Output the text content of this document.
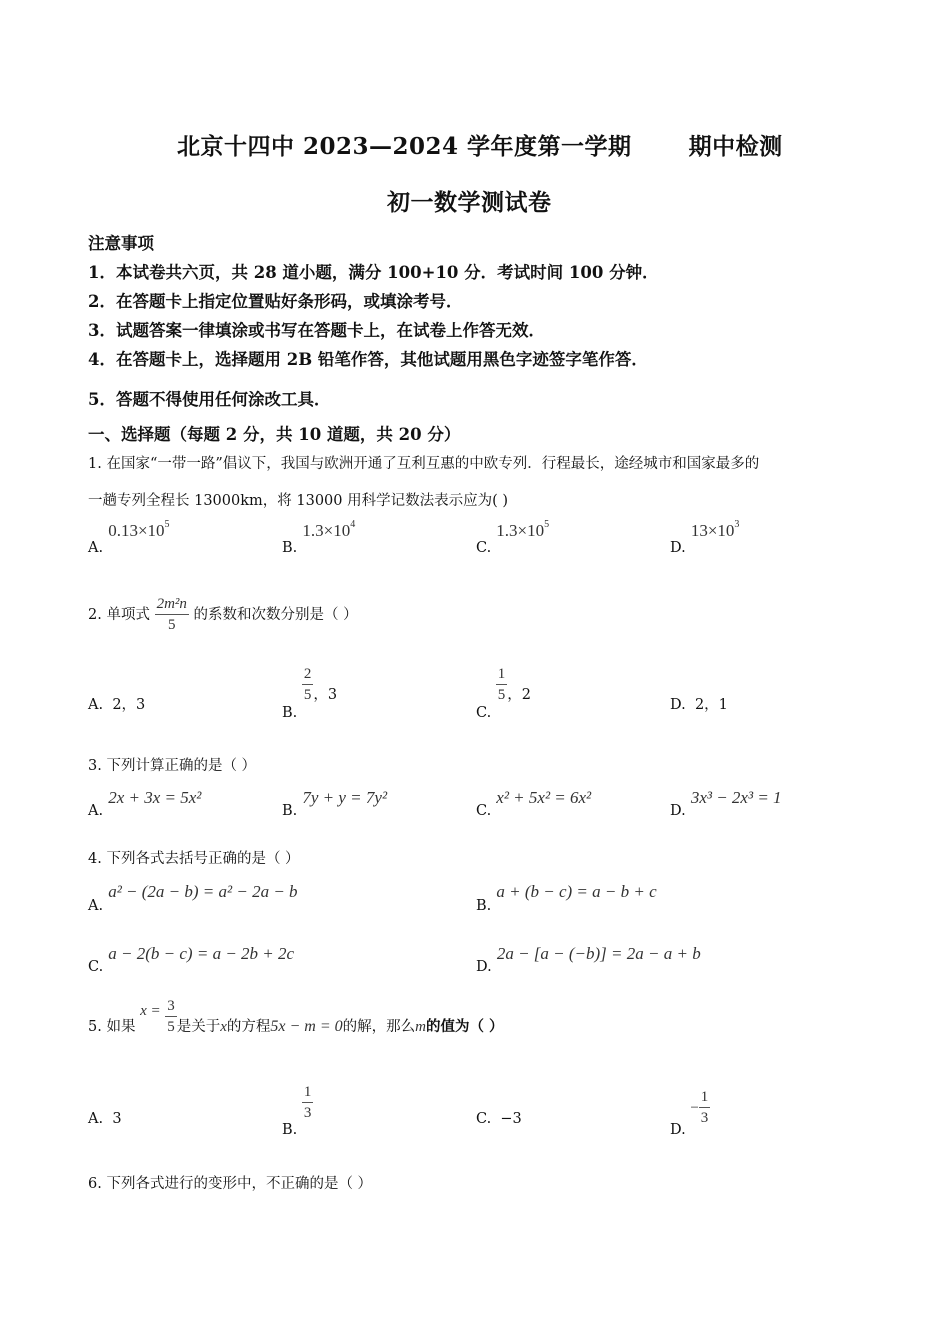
北京十四中 2023—2024 学年度第一学期 期中检测
初一数学测试卷
注意事项
1．本试卷共六页，共 28 道小题，满分 100+10 分．考试时间 100 分钟．
2．在答题卡上指定位置贴好条形码，或填涂考号．
3．试题答案一律填涂或书写在答题卡上，在试卷上作答无效．
4．在答题卡上，选择题用 2B 铅笔作答，其他试题用黑色字迹签字笔作答．
5．答题不得使用任何涂改工具．
一、选择题（每题 2 分，共 10 道题，共 20 分）
1. 在国家“一带一路”倡议下，我国与欧洲开通了互利互惠的中欧专列．行程最长，途经城市和国家最多的
一趟专列全程长 13000km，将 13000 用科学记数法表示应为( )
A. $0.13\times 10^5$
B. $1.3\times 10^4$
C. $1.3\times 10^5$
D. $13\times 10^3$
2. 单项式 $\frac{\text{2m²n}}{5}$ 的系数和次数分别是（ ）
A. 2，3	B.
$\frac{2}{5}$ ，3
C.
$\frac{1}{5}$ ，2
D. 2，1
3. 下列计算正确的是（ ）
A. 2x + 3x = 5x²
B. 7y + y = 7y²
C. x² + 5x² = 6x²
D. 3x³ − 2x³ = 1
4. 下列各式去括号正确的是（ ）
A. a² − (2a − b) = a² − 2a − b
B. a + (b − c) = a − b + c
C. a − 2(b − c) = a − 2b + 2c
D. 2a − [a − (−b)] = 2a − a + b
5. 如果 $x = \frac{3}{5}$ 是关于x的方程5x − m = 0的解，那么m的值为（ ）
A. 3
B.
$\frac{1}{3}$	C. −3
D. − $\frac{1}{3}$
6. 下列各式进行的变形中，不正确的是（ ）
